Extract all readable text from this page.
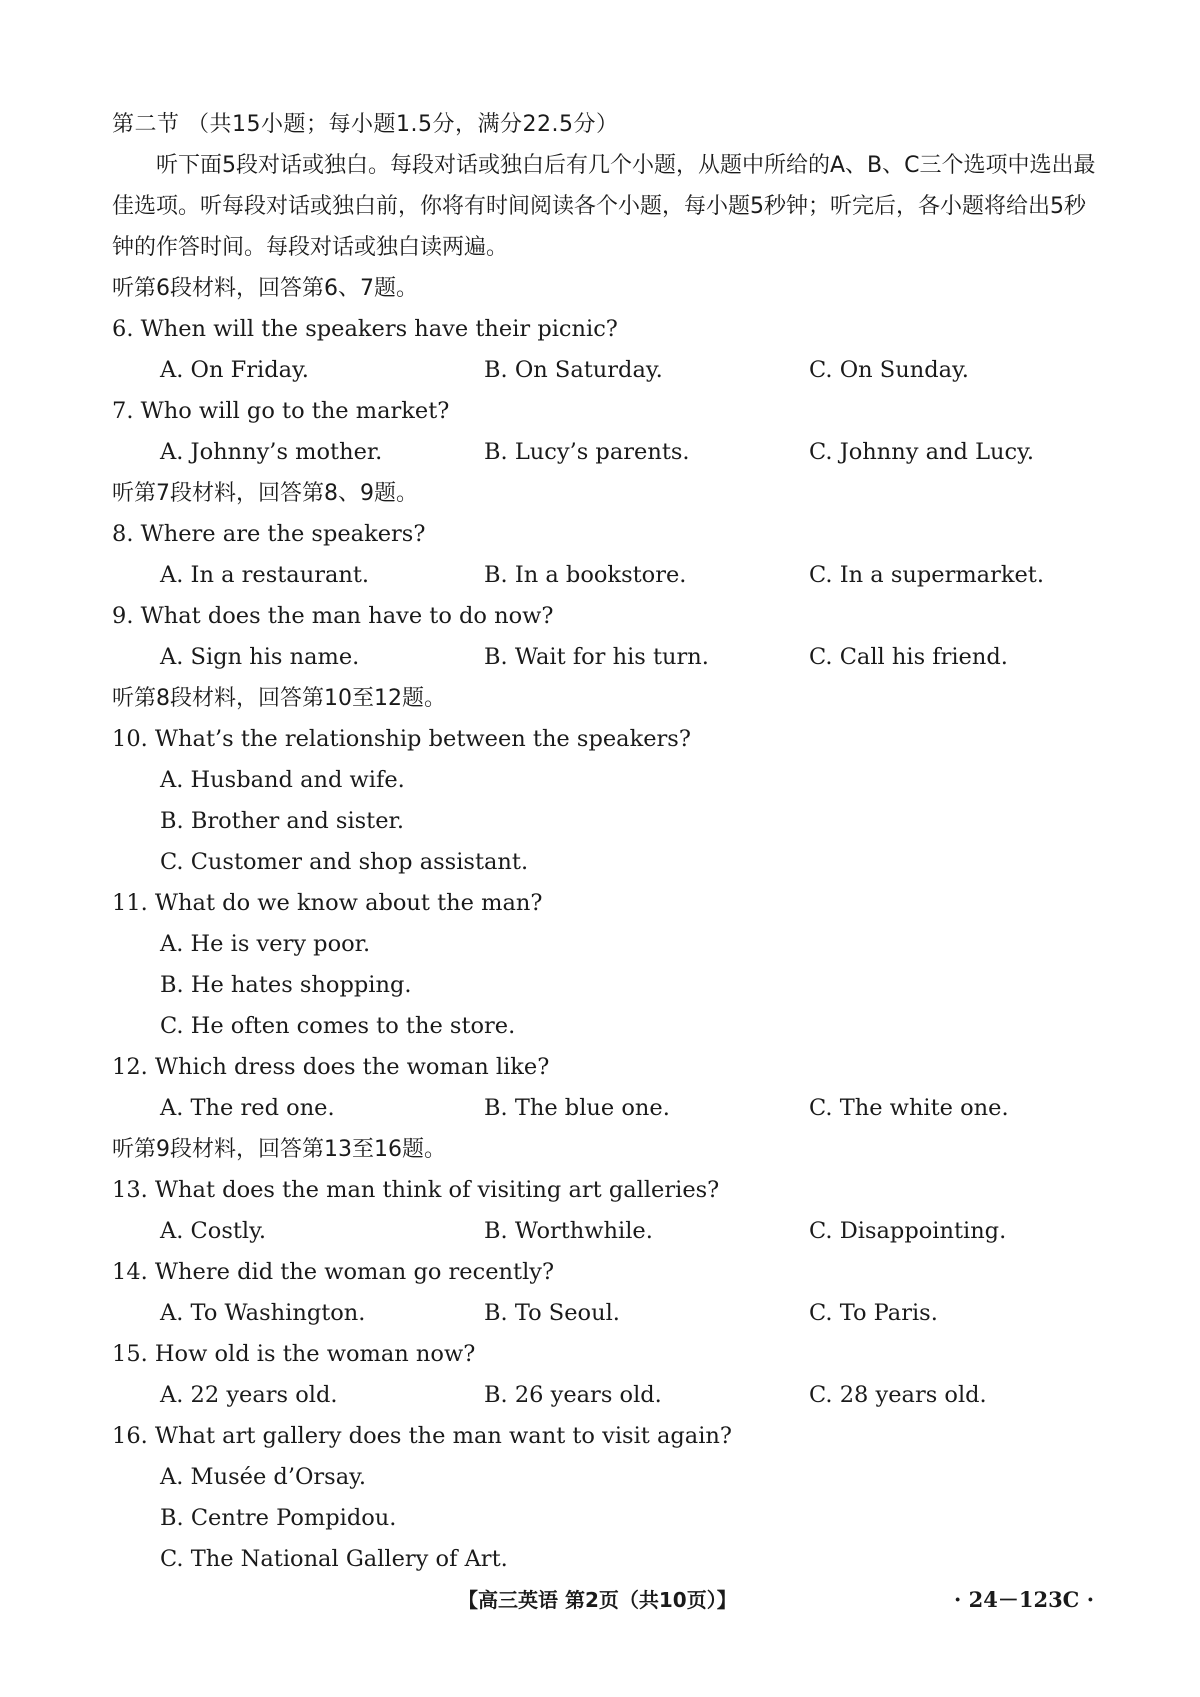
第二节 （共15小题；每小题1.5分，满分22.5分）
听下面5段对话或独白。每段对话或独白后有几个小题，从题中所给的A、B、C三个选项中选出最佳选项。听每段对话或独白前，你将有时间阅读各个小题，每小题5秒钟；听完后，各小题将给出5秒钟的作答时间。每段对话或独白读两遍。
听第6段材料，回答第6、7题。
6. When will the speakers have their picnic?
A. On Friday.	B. On Saturday.	C. On Sunday.
7. Who will go to the market?
A. Johnny’s mother.	B. Lucy’s parents.	C. Johnny and Lucy.
听第7段材料，回答第8、9题。
8. Where are the speakers?
A. In a restaurant.	B. In a bookstore.	C. In a supermarket.
9. What does the man have to do now?
A. Sign his name.	B. Wait for his turn.	C. Call his friend.
听第8段材料，回答第10至12题。
10. What’s the relationship between the speakers?
A. Husband and wife.
B. Brother and sister.
C. Customer and shop assistant.
11. What do we know about the man?
A. He is very poor.
B. He hates shopping.
C. He often comes to the store.
12. Which dress does the woman like?
A. The red one.	B. The blue one.	C. The white one.
听第9段材料，回答第13至16题。
13. What does the man think of visiting art galleries?
A. Costly.	B. Worthwhile.	C. Disappointing.
14. Where did the woman go recently?
A. To Washington.	B. To Seoul.	C. To Paris.
15. How old is the woman now?
A. 22 years old.	B. 26 years old.	C. 28 years old.
16. What art gallery does the man want to visit again?
A. Musée d’Orsay.
B. Centre Pompidou.
C. The National Gallery of Art.
【高三英语 第2页（共10页）】	· 24－123C ·
